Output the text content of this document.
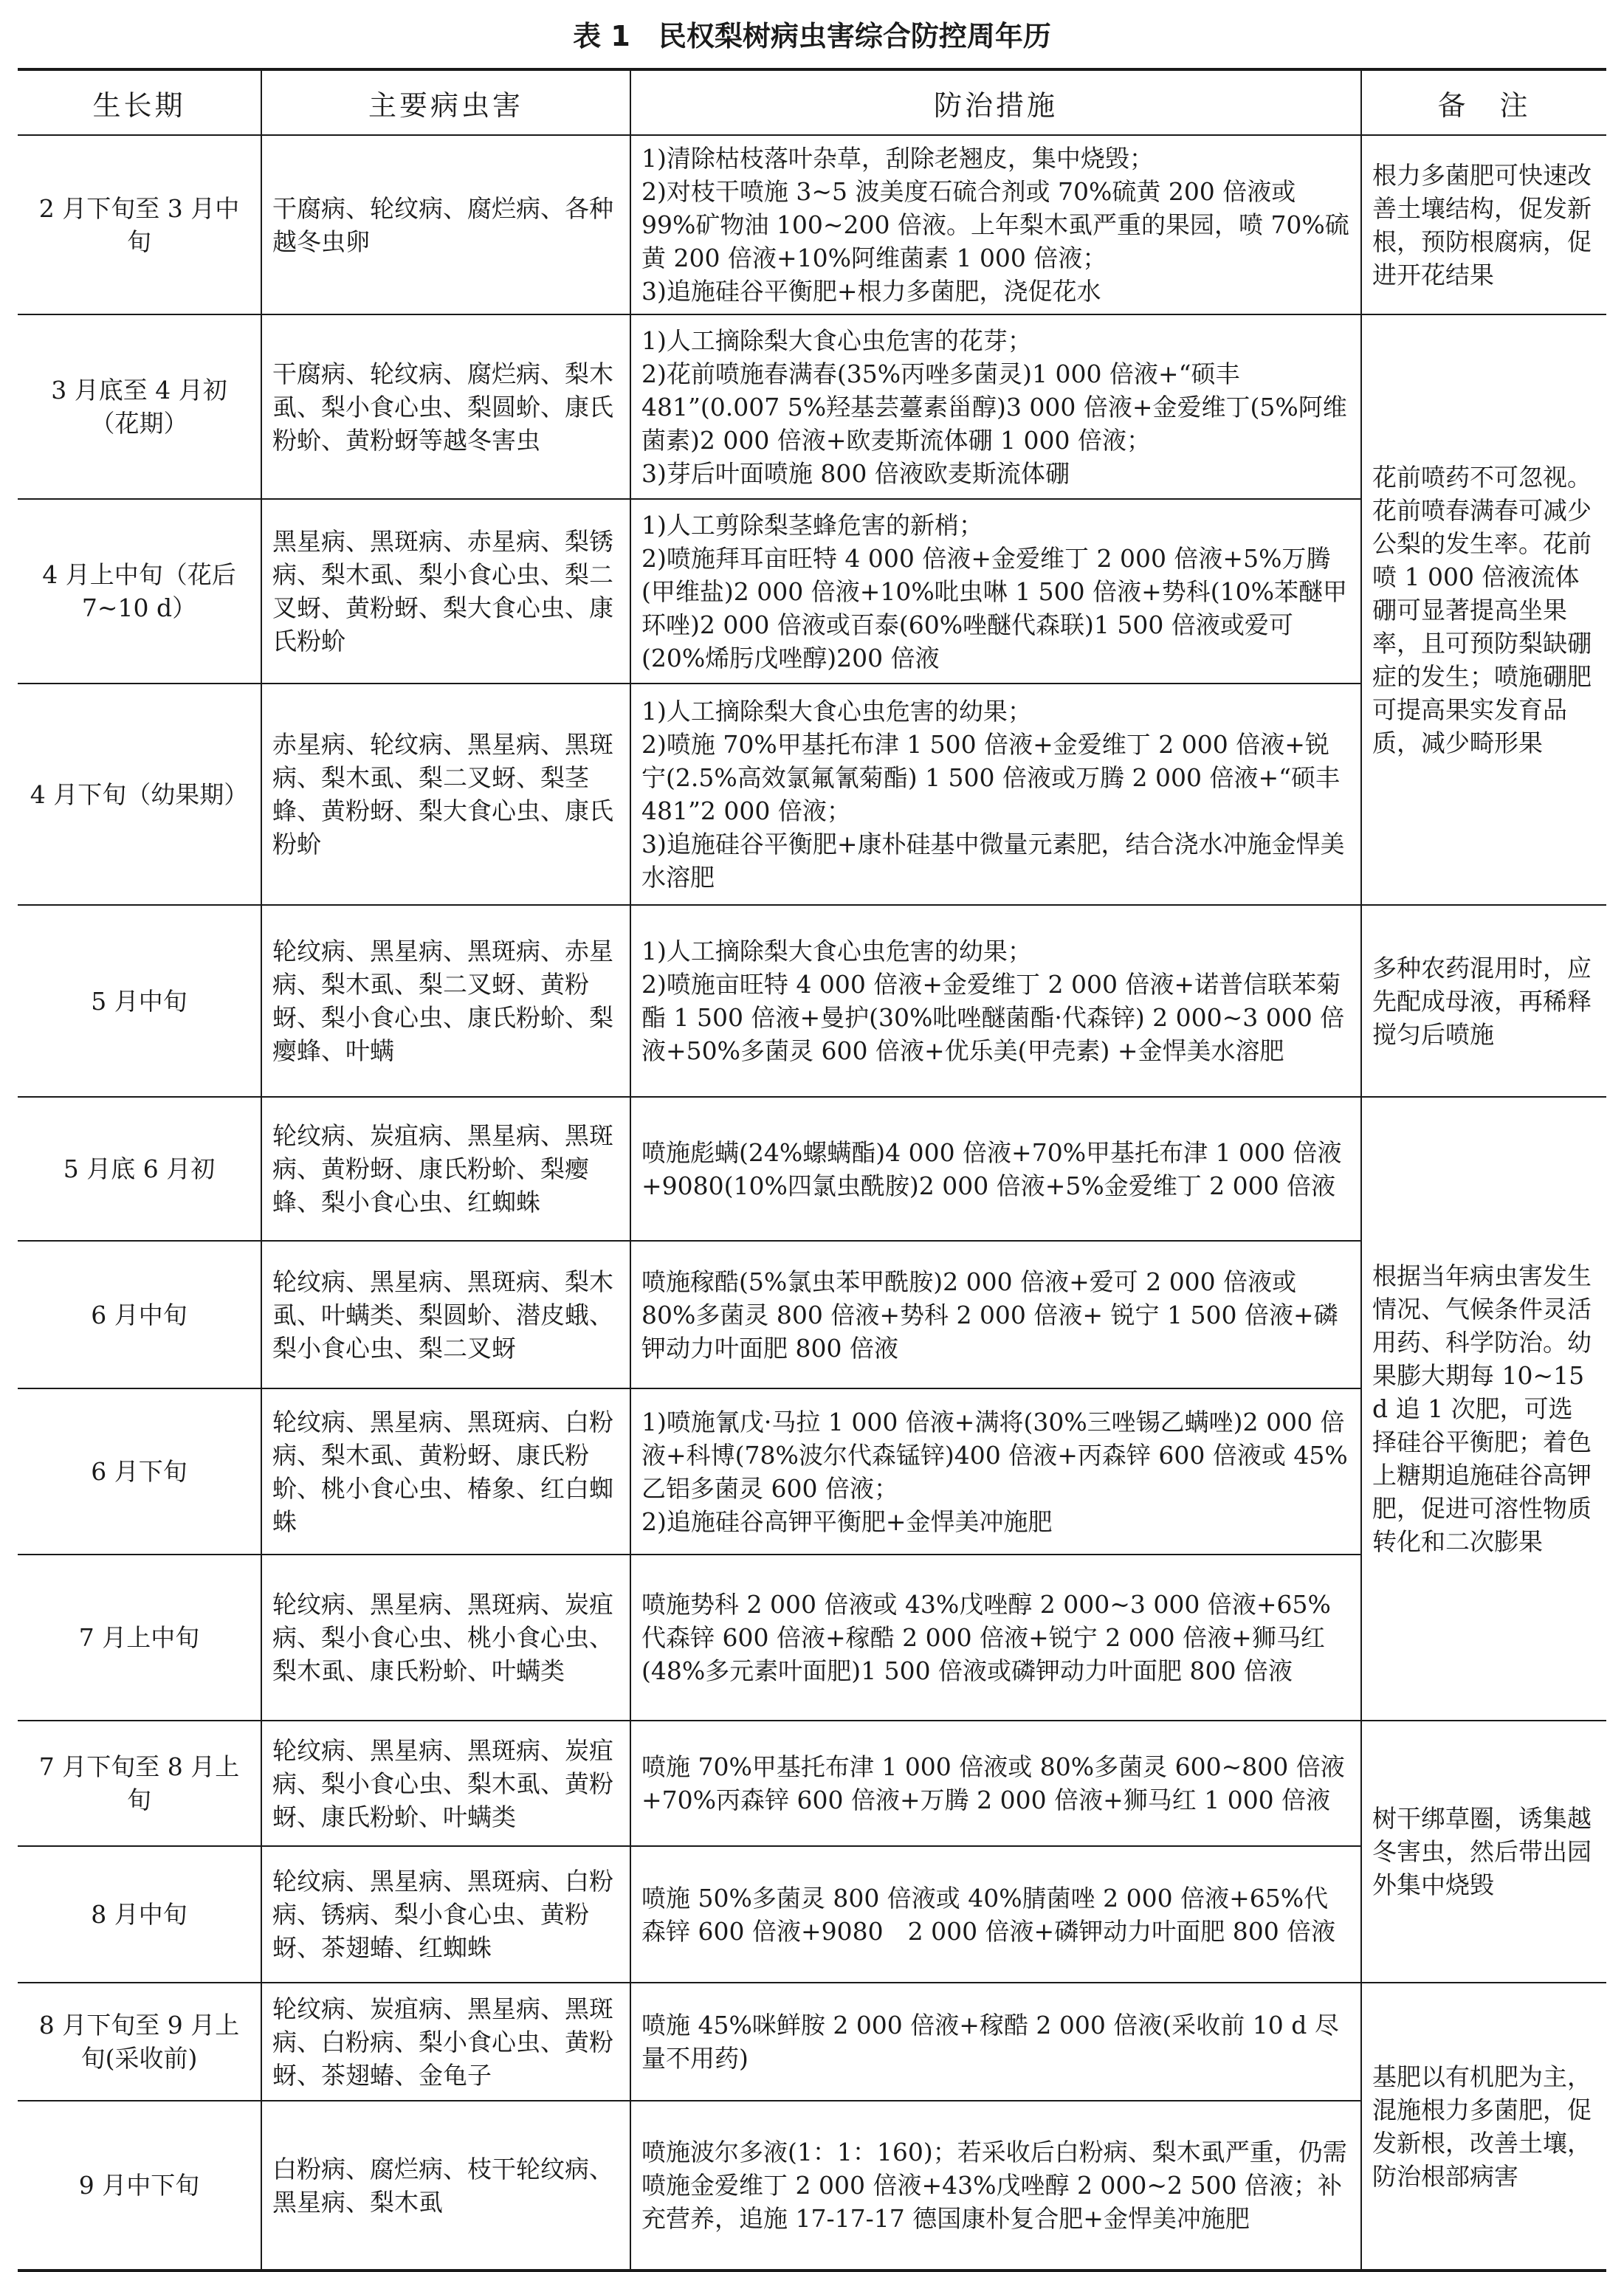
表 1　民权梨树病虫害综合防控周年历
生长期	主要病虫害	防治措施	备　注
2 月下旬至 3 月中旬	干腐病、轮纹病、腐烂病、各种越冬虫卵	1)清除枯枝落叶杂草，刮除老翘皮，集中烧毁；
2)对枝干喷施 3~5 波美度石硫合剂或 70%硫黄 200 倍液或 99%矿物油 100~200 倍液。上年梨木虱严重的果园，喷 70%硫黄 200 倍液+10%阿维菌素 1 000 倍液；
3)追施硅谷平衡肥+根力多菌肥，浇促花水	根力多菌肥可快速改善土壤结构，促发新根，预防根腐病，促进开花结果
3 月底至 4 月初（花期）	干腐病、轮纹病、腐烂病、梨木虱、梨小食心虫、梨圆蚧、康氏粉蚧、黄粉蚜等越冬害虫	1)人工摘除梨大食心虫危害的花芽；
2)花前喷施春满春(35%丙唑多菌灵)1 000 倍液+“硕丰 481”(0.007 5%羟基芸薹素甾醇)3 000 倍液+金爱维丁(5%阿维菌素)2 000 倍液+欧麦斯流体硼 1 000 倍液；
3)芽后叶面喷施 800 倍液欧麦斯流体硼	花前喷药不可忽视。花前喷春满春可减少公梨的发生率。花前喷 1 000 倍液流体硼可显著提高坐果率，且可预防梨缺硼症的发生；喷施硼肥可提高果实发育品质，减少畸形果
4 月上中旬（花后 7~10 d）	黑星病、黑斑病、赤星病、梨锈病、梨木虱、梨小食心虫、梨二叉蚜、黄粉蚜、梨大食心虫、康氏粉蚧	1)人工剪除梨茎蜂危害的新梢；
2)喷施拜耳亩旺特 4 000 倍液+金爱维丁 2 000 倍液+5%万腾(甲维盐)2 000 倍液+10%吡虫啉 1 500 倍液+势科(10%苯醚甲环唑)2 000 倍液或百泰(60%唑醚代森联)1 500 倍液或爱可(20%烯肟戊唑醇)200 倍液	

4 月下旬（幼果期）	赤星病、轮纹病、黑星病、黑斑病、梨木虱、梨二叉蚜、梨茎蜂、黄粉蚜、梨大食心虫、康氏粉蚧	1)人工摘除梨大食心虫危害的幼果；
2)喷施 70%甲基托布津 1 500 倍液+金爱维丁 2 000 倍液+锐宁(2.5%高效氯氟氰菊酯) 1 500 倍液或万腾 2 000 倍液+“硕丰 481”2 000 倍液；
3)追施硅谷平衡肥+康朴硅基中微量元素肥，结合浇水冲施金悍美水溶肥	

5 月中旬	轮纹病、黑星病、黑斑病、赤星病、梨木虱、梨二叉蚜、黄粉蚜、梨小食心虫、康氏粉蚧、梨瘿蜂、叶螨	1)人工摘除梨大食心虫危害的幼果；
2)喷施亩旺特 4 000 倍液+金爱维丁 2 000 倍液+诺普信联苯菊酯 1 500 倍液+曼护(30%吡唑醚菌酯·代森锌) 2 000~3 000 倍液+50%多菌灵 600 倍液+优乐美(甲壳素) +金悍美水溶肥	多种农药混用时，应先配成母液，再稀释搅匀后喷施
5 月底 6 月初	轮纹病、炭疽病、黑星病、黑斑病、黄粉蚜、康氏粉蚧、梨瘿蜂、梨小食心虫、红蜘蛛	喷施彪螨(24%螺螨酯)4 000 倍液+70%甲基托布津 1 000 倍液+9080(10%四氯虫酰胺)2 000 倍液+5%金爱维丁 2 000 倍液	根据当年病虫害发生情况、气候条件灵活用药、科学防治。幼果膨大期每 10~15 d 追 1 次肥，可选择硅谷平衡肥；着色上糖期追施硅谷高钾肥，促进可溶性物质转化和二次膨果
6 月中旬	轮纹病、黑星病、黑斑病、梨木虱、叶螨类、梨圆蚧、潜皮蛾、梨小食心虫、梨二叉蚜	喷施稼酷(5%氯虫苯甲酰胺)2 000 倍液+爱可 2 000 倍液或 80%多菌灵 800 倍液+势科 2 000 倍液+ 锐宁 1 500 倍液+磷钾动力叶面肥 800 倍液	

6 月下旬	轮纹病、黑星病、黑斑病、白粉病、梨木虱、黄粉蚜、康氏粉蚧、桃小食心虫、椿象、红白蜘蛛	1)喷施氰戊·马拉 1 000 倍液+满将(30%三唑锡乙螨唑)2 000 倍液+科博(78%波尔代森锰锌)400 倍液+丙森锌 600 倍液或 45%乙铝多菌灵 600 倍液；
2)追施硅谷高钾平衡肥+金悍美冲施肥	

7 月上中旬	轮纹病、黑星病、黑斑病、炭疽病、梨小食心虫、桃小食心虫、梨木虱、康氏粉蚧、叶螨类	喷施势科 2 000 倍液或 43%戊唑醇 2 000~3 000 倍液+65%代森锌 600 倍液+稼酷 2 000 倍液+锐宁 2 000 倍液+狮马红(48%多元素叶面肥)1 500 倍液或磷钾动力叶面肥 800 倍液	

7 月下旬至 8 月上旬	轮纹病、黑星病、黑斑病、炭疽病、梨小食心虫、梨木虱、黄粉蚜、康氏粉蚧、叶螨类	喷施 70%甲基托布津 1 000 倍液或 80%多菌灵 600~800 倍液+70%丙森锌 600 倍液+万腾 2 000 倍液+狮马红 1 000 倍液	树干绑草圈，诱集越冬害虫，然后带出园外集中烧毁
8 月中旬	轮纹病、黑星病、黑斑病、白粉病、锈病、梨小食心虫、黄粉蚜、茶翅蝽、红蜘蛛	喷施 50%多菌灵 800 倍液或 40%腈菌唑 2 000 倍液+65%代森锌 600 倍液+9080　2 000 倍液+磷钾动力叶面肥 800 倍液	

8 月下旬至 9 月上旬(采收前)	轮纹病、炭疽病、黑星病、黑斑病、白粉病、梨小食心虫、黄粉蚜、茶翅蝽、金龟子	喷施 45%咪鲜胺 2 000 倍液+稼酷 2 000 倍液(采收前 10 d 尽量不用药)	基肥以有机肥为主，混施根力多菌肥，促发新根，改善土壤，防治根部病害
9 月中下旬	白粉病、腐烂病、枝干轮纹病、黑星病、梨木虱	喷施波尔多液(1：1：160)；若采收后白粉病、梨木虱严重，仍需喷施金爱维丁 2 000 倍液+43%戊唑醇 2 000~2 500 倍液；补充营养，追施 17-17-17 德国康朴复合肥+金悍美冲施肥	
